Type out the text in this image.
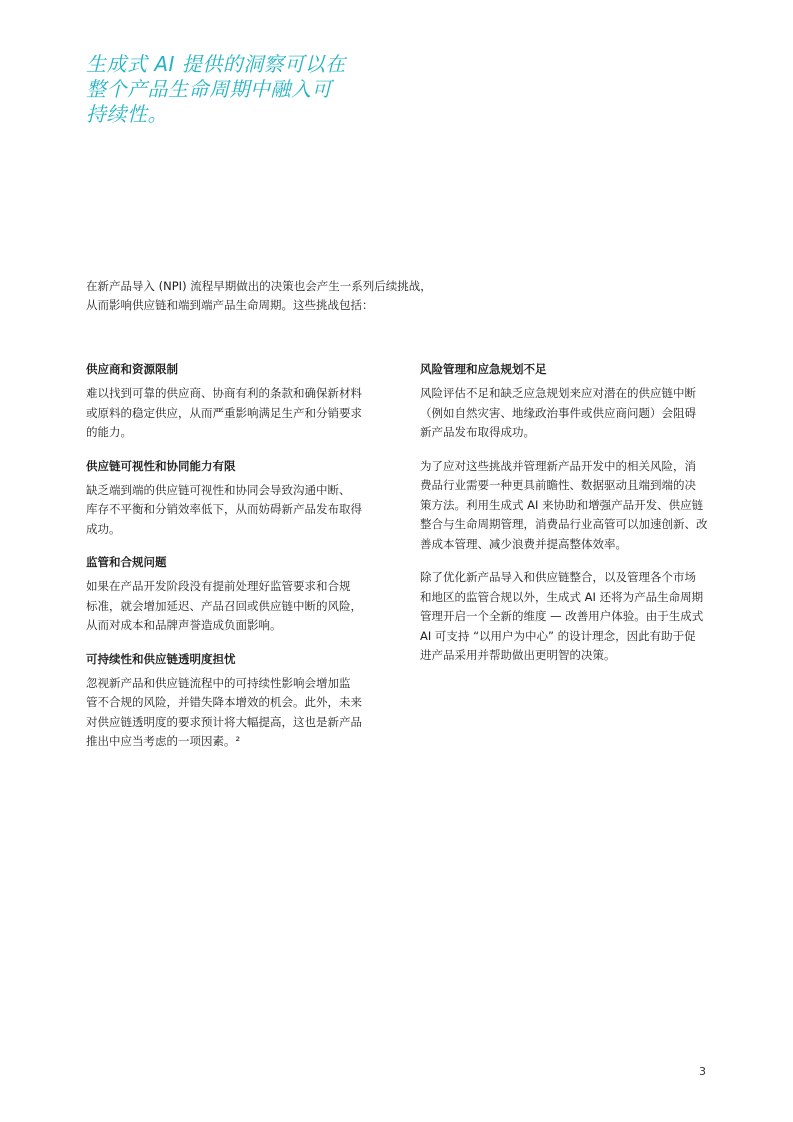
生成式 AI 提供的洞察可以在
整个产品生命周期中融入可
持续性。
在新产品导入 (NPI) 流程早期做出的决策也会产生一系列后续挑战，
从而影响供应链和端到端产品生命周期。这些挑战包括：
供应商和资源限制
难以找到可靠的供应商、协商有利的条款和确保新材料
或原料的稳定供应，从而严重影响满足生产和分销要求
的能力。
供应链可视性和协同能力有限
缺乏端到端的供应链可视性和协同会导致沟通中断、
库存不平衡和分销效率低下，从而妨碍新产品发布取得
成功。
监管和合规问题
如果在产品开发阶段没有提前处理好监管要求和合规
标准，就会增加延迟、产品召回或供应链中断的风险，
从而对成本和品牌声誉造成负面影响。
可持续性和供应链透明度担忧
忽视新产品和供应链流程中的可持续性影响会增加监
管不合规的风险，并错失降本增效的机会。此外，未来
对供应链透明度的要求预计将大幅提高，这也是新产品
推出中应当考虑的一项因素。²
风险管理和应急规划不足
风险评估不足和缺乏应急规划来应对潜在的供应链中断
（例如自然灾害、地缘政治事件或供应商问题）会阻碍
新产品发布取得成功。
为了应对这些挑战并管理新产品开发中的相关风险，消
费品行业需要一种更具前瞻性、数据驱动且端到端的决
策方法。利用生成式 AI 来协助和增强产品开发、供应链
整合与生命周期管理，消费品行业高管可以加速创新、改
善成本管理、减少浪费并提高整体效率。
除了优化新产品导入和供应链整合，以及管理各个市场
和地区的监管合规以外，生成式 AI 还将为产品生命周期
管理开启一个全新的维度 — 改善用户体验。由于生成式
AI 可支持 “以用户为中心” 的设计理念，因此有助于促
进产品采用并帮助做出更明智的决策。
3
